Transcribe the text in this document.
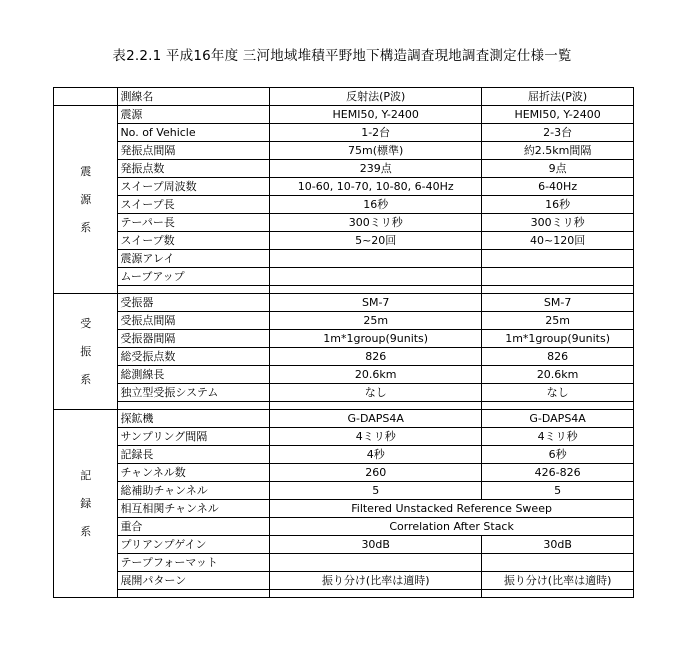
表2.2.1 平成16年度 三河地域堆積平野地下構造調査現地調査測定仕様一覧
	測線名	反射法(P波)	屈折法(P波)

震
源
系	震源	HEMI50, Y-2400	HEMI50, Y-2400
	No. of Vehicle	1-2台	2-3台
	発振点間隔	75m(標準)	約2.5km間隔
	発振点数	239点	9点
	スイープ周波数	10-60, 10-70, 10-80, 6-40Hz	6-40Hz
	スイープ長	16秒	16秒
	テーパー長	300ミリ秒	300ミリ秒
	スイープ数	5~20回	40~120回
	震源アレイ		
	ムーブアップ		

受
振
系	受振器	SM-7	SM-7
	受振点間隔	25m	25m
	受振器間隔	1m*1group(9units)	1m*1group(9units)
	総受振点数	826	826
	総測線長	20.6km	20.6km
	独立型受振システム	なし	なし

記
録
系	探鉱機	G-DAPS4A	G-DAPS4A
	サンプリング間隔	4ミリ秒	4ミリ秒
	記録長	4秒	6秒
	チャンネル数	260	426-826
	総補助チャンネル	5	5
	相互相関チャンネル	Filtered Unstacked Reference Sweep	
	重合	Correlation After Stack	
	プリアンプゲイン	30dB	30dB
	テープフォーマット		
	展開パターン	振り分け(比率は適時)	振り分け(比率は適時)
